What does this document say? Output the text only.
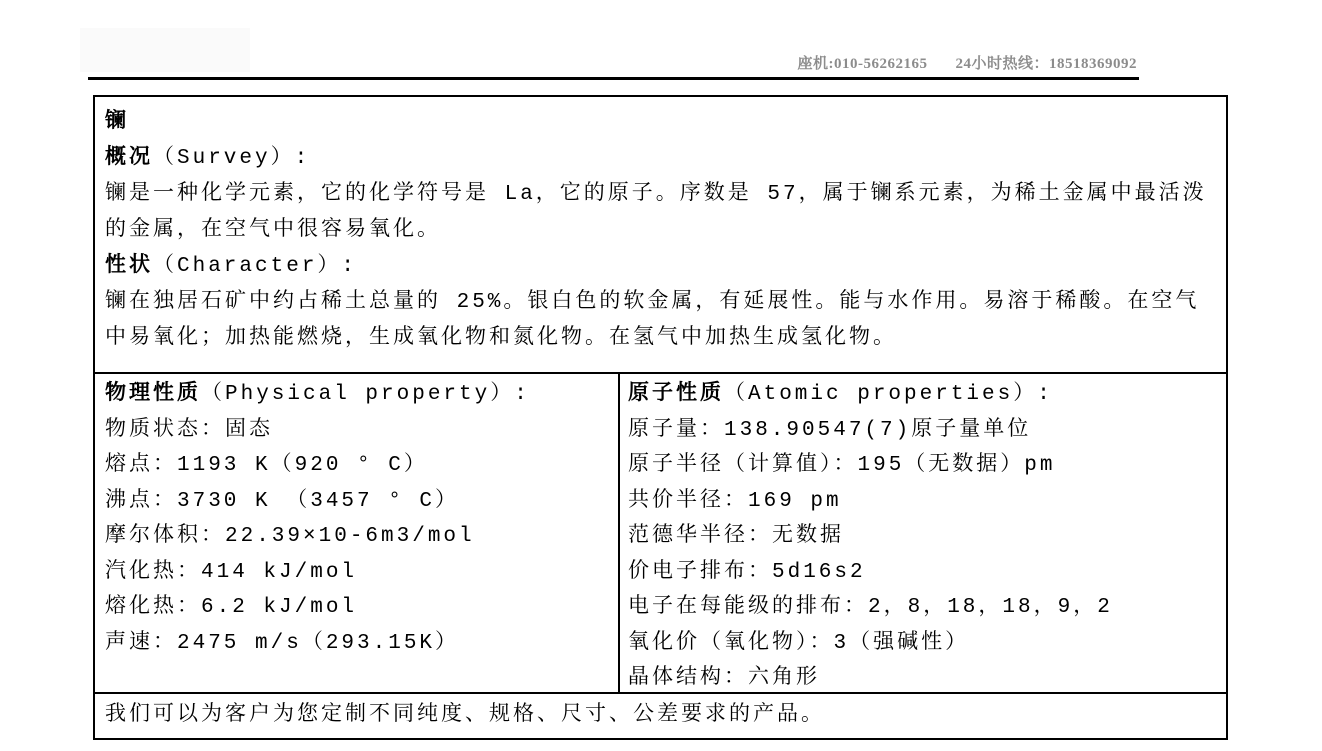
座机:010-56262165 24小时热线：18518369092
镧
概况（Survey）:
镧是一种化学元素，它的化学符号是 La，它的原子。序数是 57，属于镧系元素，为稀土金属中最活泼的金属，在空气中很容易氧化。
性状（Character）:
镧在独居石矿中约占稀土总量的 25%。银白色的软金属，有延展性。能与水作用。易溶于稀酸。在空气中易氧化；加热能燃烧，生成氧化物和氮化物。在氢气中加热生成氢化物。
物理性质（Physical property）:
物质状态：固态
熔点：1193 K（920 ° C）
沸点：3730 K （3457 ° C）
摩尔体积：22.39×10-6m3/mol
汽化热：414 kJ/mol
熔化热：6.2 kJ/mol
声速：2475 m/s（293.15K）
原子性质（Atomic properties）:
原子量：138.90547(7)原子量单位
原子半径（计算值）：195（无数据）pm
共价半径：169 pm
范德华半径：无数据
价电子排布：5d16s2
电子在每能级的排布：2，8，18，18，9，2
氧化价（氧化物）：3（强碱性）
晶体结构：六角形
我们可以为客户为您定制不同纯度、规格、尺寸、公差要求的产品。
